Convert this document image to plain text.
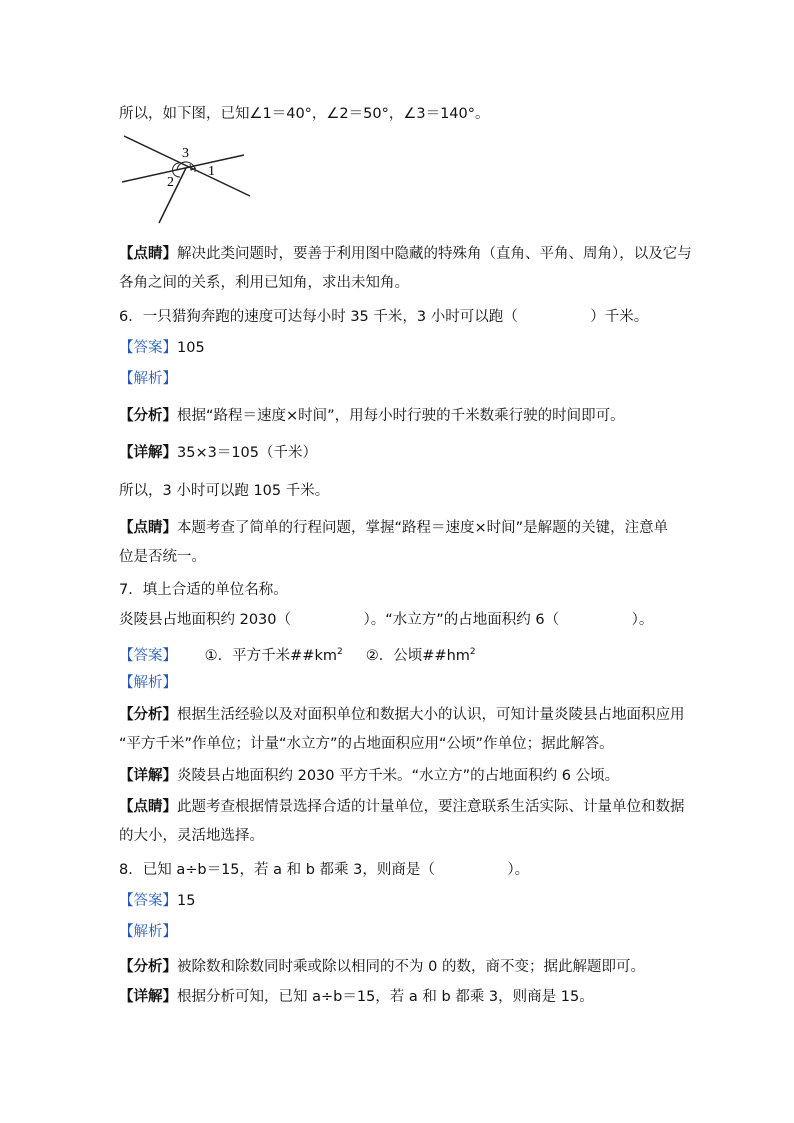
所以，如下图，已知∠1＝40°，∠2＝50°，∠3＝140°。
3
1
2
【点睛】解决此类问题时，要善于利用图中隐藏的特殊角（直角、平角、周角），以及它与
各角之间的关系，利用已知角，求出未知角。
6．一只猎狗奔跑的速度可达每小时 35 千米，3 小时可以跑（　　　　　）千米。
【答案】105
【解析】
【分析】根据“路程＝速度×时间”，用每小时行驶的千米数乘行驶的时间即可。
【详解】35×3＝105（千米）
所以，3 小时可以跑 105 千米。
【点睛】本题考查了简单的行程问题，掌握“路程＝速度×时间”是解题的关键，注意单
位是否统一。
7．填上合适的单位名称。
炎陵县占地面积约 2030（　　　　　）。“水立方”的占地面积约 6（　　　　　）。
【答案】 ①．平方千米$\#\#km^2$ ②．公顷$\#\#hm^2$
【解析】
【分析】根据生活经验以及对面积单位和数据大小的认识，可知计量炎陵县占地面积应用
“平方千米”作单位；计量“水立方”的占地面积应用“公顷”作单位；据此解答。
【详解】炎陵县占地面积约 2030 平方千米。“水立方”的占地面积约 6 公顷。
【点睛】此题考查根据情景选择合适的计量单位，要注意联系生活实际、计量单位和数据
的大小，灵活地选择。
8．已知 a÷b＝15，若 a 和 b 都乘 3，则商是（　　　　　）。
【答案】15
【解析】
【分析】被除数和除数同时乘或除以相同的不为 0 的数，商不变；据此解题即可。
【详解】根据分析可知，已知 a÷b＝15，若 a 和 b 都乘 3，则商是 15。
